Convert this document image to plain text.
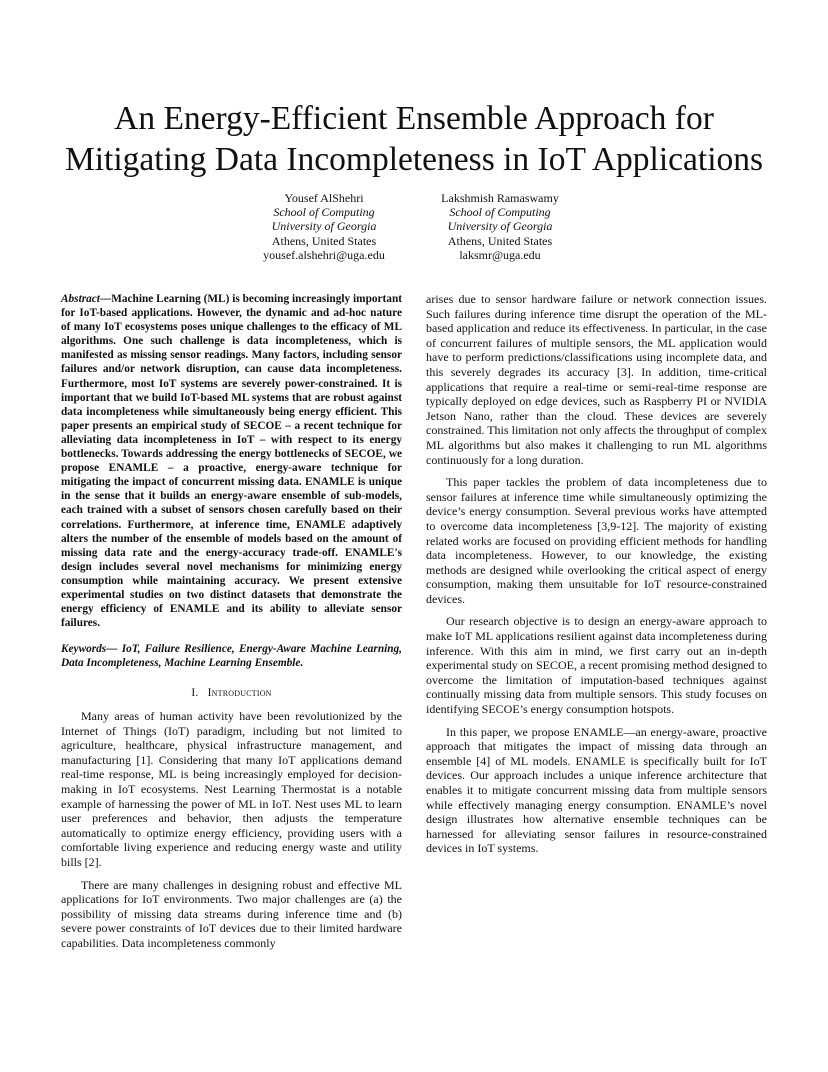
An Energy-Efficient Ensemble Approach for
Mitigating Data Incompleteness in IoT Applications
Yousef AlShehri
School of Computing
University of Georgia
Athens, United States
yousef.alshehri@uga.edu
Lakshmish Ramaswamy
School of Computing
University of Georgia
Athens, United States
laksmr@uga.edu

Abstract—Machine Learning (ML) is becoming increasingly important for IoT-based applications. However, the dynamic and ad-hoc nature of many IoT ecosystems poses unique challenges to the efficacy of ML algorithms. One such challenge is data incompleteness, which is manifested as missing sensor readings. Many factors, including sensor failures and/or network disruption, can cause data incompleteness. Furthermore, most IoT systems are severely power-constrained. It is important that we build IoT-based ML systems that are robust against data incompleteness while simultaneously being energy efficient. This paper presents an empirical study of SECOE – a recent technique for alleviating data incompleteness in IoT – with respect to its energy bottlenecks. Towards addressing the energy bottlenecks of SECOE, we propose ENAMLE – a proactive, energy-aware technique for mitigating the impact of concurrent missing data. ENAMLE is unique in the sense that it builds an energy-aware ensemble of sub-models, each trained with a subset of sensors chosen carefully based on their correlations. Furthermore, at inference time, ENAMLE adaptively alters the number of the ensemble of models based on the amount of missing data rate and the energy-accuracy trade-off. ENAMLE's design includes several novel mechanisms for minimizing energy consumption while maintaining accuracy. We present extensive experimental studies on two distinct datasets that demonstrate the energy efficiency of ENAMLE and its ability to alleviate sensor failures.

Keywords— IoT, Failure Resilience, Energy-Aware Machine Learning, Data Incompleteness, Machine Learning Ensemble.

I. Introduction

Many areas of human activity have been revolutionized by the Internet of Things (IoT) paradigm, including but not limited to agriculture, healthcare, physical infrastructure management, and manufacturing [1]. Considering that many IoT applications demand real-time response, ML is being increasingly employed for decision-making in IoT ecosystems. Nest Learning Thermostat is a notable example of harnessing the power of ML in IoT. Nest uses ML to learn user preferences and behavior, then adjusts the temperature automatically to optimize energy efficiency, providing users with a comfortable living experience and reducing energy waste and utility bills [2].

There are many challenges in designing robust and effective ML applications for IoT environments. Two major challenges are (a) the possibility of missing data streams during inference time and (b) severe power constraints of IoT devices due to their limited hardware capabilities. Data incompleteness commonly

arises due to sensor hardware failure or network connection issues. Such failures during inference time disrupt the operation of the ML-based application and reduce its effectiveness. In particular, in the case of concurrent failures of multiple sensors, the ML application would have to perform predictions/classifications using incomplete data, and this severely degrades its accuracy [3]. In addition, time-critical applications that require a real-time or semi-real-time response are typically deployed on edge devices, such as Raspberry PI or NVIDIA Jetson Nano, rather than the cloud. These devices are severely constrained. This limitation not only affects the throughput of complex ML algorithms but also makes it challenging to run ML algorithms continuously for a long duration.

This paper tackles the problem of data incompleteness due to sensor failures at inference time while simultaneously optimizing the device’s energy consumption. Several previous works have attempted to overcome data incompleteness [3,9-12]. The majority of existing related works are focused on providing efficient methods for handling data incompleteness. However, to our knowledge, the existing methods are designed while overlooking the critical aspect of energy consumption, making them unsuitable for IoT resource-constrained devices.

Our research objective is to design an energy-aware approach to make IoT ML applications resilient against data incompleteness during inference. With this aim in mind, we first carry out an in-depth experimental study on SECOE, a recent promising method designed to overcome the limitation of imputation-based techniques against continually missing data from multiple sensors. This study focuses on identifying SECOE’s energy consumption hotspots.

In this paper, we propose ENAMLE—an energy-aware, proactive approach that mitigates the impact of missing data through an ensemble [4] of ML models. ENAMLE is specifically built for IoT devices. Our approach includes a unique inference architecture that enables it to mitigate concurrent missing data from multiple sensors while effectively managing energy consumption. ENAMLE’s novel design illustrates how alternative ensemble techniques can be harnessed for alleviating sensor failures in resource-constrained devices in IoT systems.
